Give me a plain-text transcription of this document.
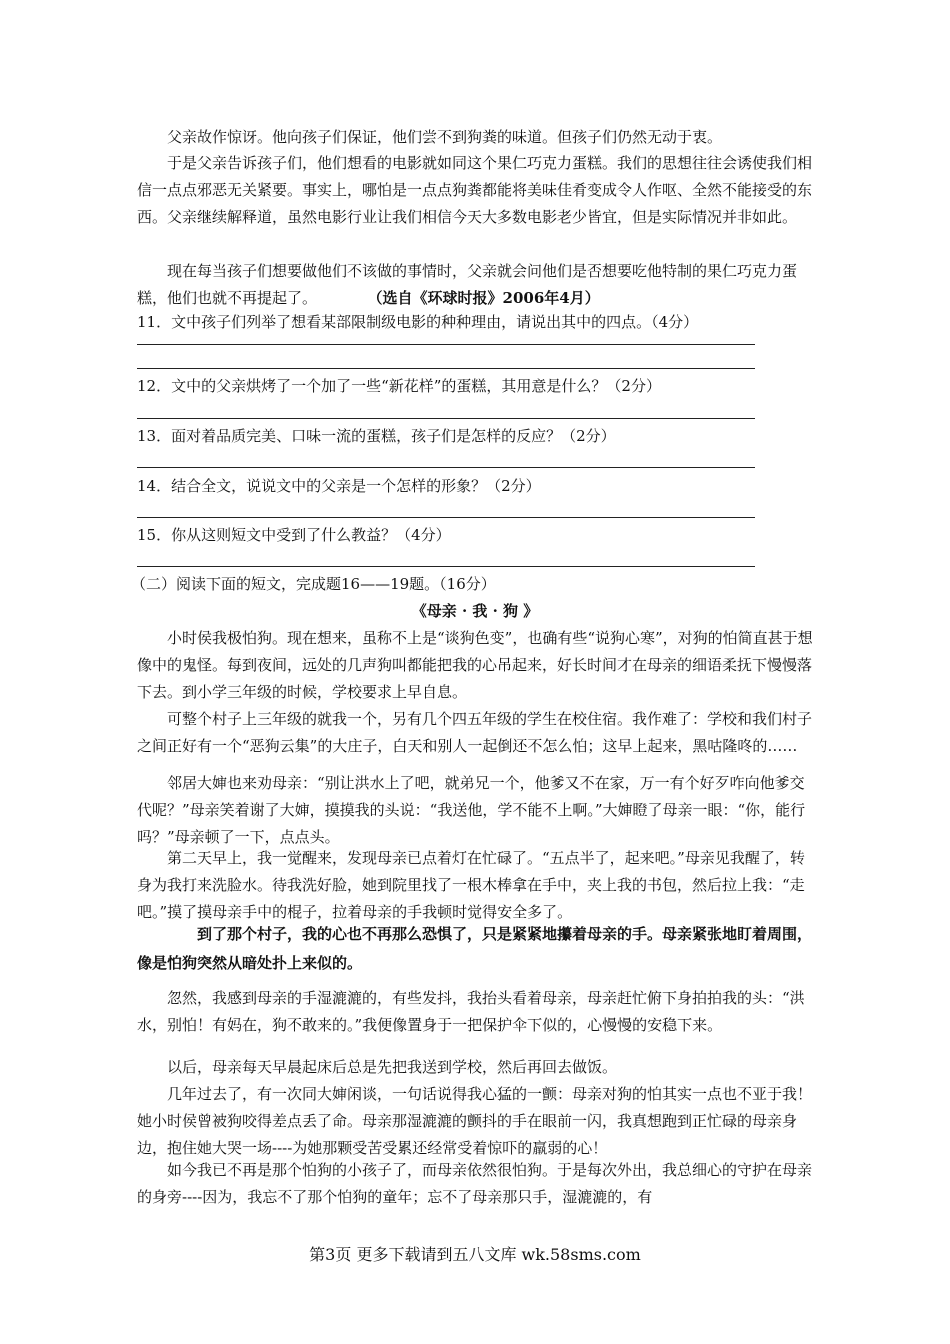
父亲故作惊讶。他向孩子们保证，他们尝不到狗粪的味道。但孩子们仍然无动于衷。

于是父亲告诉孩子们，他们想看的电影就如同这个果仁巧克力蛋糕。我们的思想往往会诱使我们相信一点点邪恶无关紧要。事实上，哪怕是一点点狗粪都能将美味佳肴变成令人作呕、全然不能接受的东西。父亲继续解释道，虽然电影行业让我们相信今天大多数电影老少皆宜，但是实际情况并非如此。

现在每当孩子们想要做他们不该做的事情时，父亲就会问他们是否想要吃他特制的果仁巧克力蛋糕，他们也就不再提起了。	（选自《环球时报》2006年4月）

11．文中孩子们列举了想看某部限制级电影的种种理由，请说出其中的四点。（4分）

12．文中的父亲烘烤了一个加了一些“新花样”的蛋糕，其用意是什么？（2分）

13．面对着品质完美、口味一流的蛋糕，孩子们是怎样的反应？（2分）

14．结合全文，说说文中的父亲是一个怎样的形象？（2分）

15．你从这则短文中受到了什么教益？（4分）

（二）阅读下面的短文，完成题16——19题。（16分）

《母亲 · 我 · 狗 》

小时侯我极怕狗。现在想来，虽称不上是“谈狗色变”，也确有些“说狗心寒”，对狗的怕简直甚于想像中的鬼怪。每到夜间，远处的几声狗叫都能把我的心吊起来，好长时间才在母亲的细语柔抚下慢慢落下去。到小学三年级的时候，学校要求上早自息。

可整个村子上三年级的就我一个，另有几个四五年级的学生在校住宿。我作难了：学校和我们村子之间正好有一个“恶狗云集”的大庄子，白天和别人一起倒还不怎么怕；这早上起来，黑咕隆咚的……

邻居大婶也来劝母亲：“别让洪水上了吧，就弟兄一个，他爹又不在家，万一有个好歹咋向他爹交代呢？”母亲笑着谢了大婶，摸摸我的头说：“我送他，学不能不上啊。”大婶瞪了母亲一眼：“你，能行吗？”母亲顿了一下，点点头。

第二天早上，我一觉醒来，发现母亲已点着灯在忙碌了。“五点半了，起来吧。”母亲见我醒了，转身为我打来洗脸水。待我洗好脸，她到院里找了一根木棒拿在手中，夹上我的书包，然后拉上我：“走吧。”摸了摸母亲手中的棍子，拉着母亲的手我顿时觉得安全多了。

到了那个村子，我的心也不再那么恐惧了，只是紧紧地攥着母亲的手。母亲紧张地盯着周围，像是怕狗突然从暗处扑上来似的。

忽然，我感到母亲的手湿漉漉的，有些发抖，我抬头看着母亲，母亲赶忙俯下身拍拍我的头：“洪水，别怕！有妈在，狗不敢来的。”我便像置身于一把保护伞下似的，心慢慢的安稳下来。

以后，母亲每天早晨起床后总是先把我送到学校，然后再回去做饭。

几年过去了，有一次同大婶闲谈，一句话说得我心猛的一颤：母亲对狗的怕其实一点也不亚于我！她小时侯曾被狗咬得差点丢了命。母亲那湿漉漉的颤抖的手在眼前一闪，我真想跑到正忙碌的母亲身边，抱住她大哭一场----为她那颗受苦受累还经常受着惊吓的羸弱的心！

如今我已不再是那个怕狗的小孩子了，而母亲依然很怕狗。于是每次外出，我总细心的守护在母亲的身旁----因为，我忘不了那个怕狗的童年；忘不了母亲那只手，湿漉漉的，有

第3页 更多下载请到五八文库 wk.58sms.com
